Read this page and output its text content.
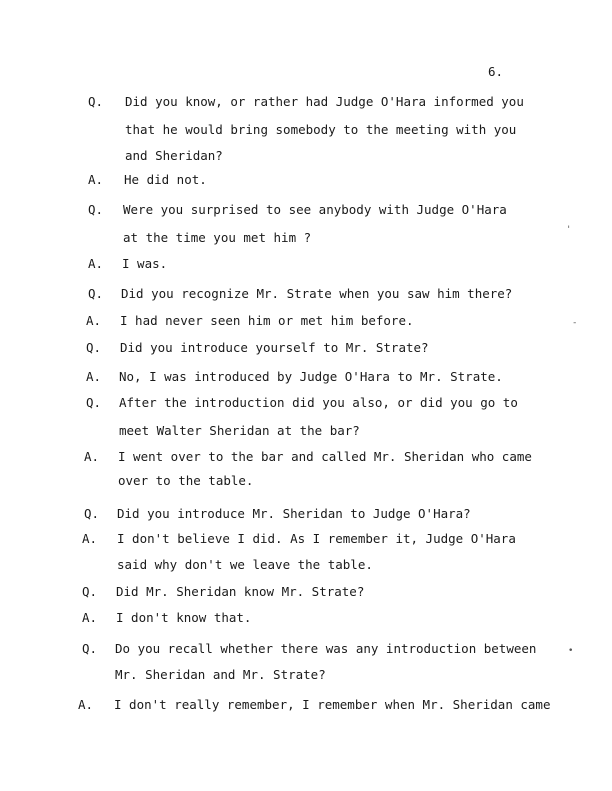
6.
Q. Did you know, or rather had Judge O'Hara informed you
that he would bring somebody to the meeting with you
and Sheridan?
A. He did not.
Q. Were you surprised to see anybody with Judge O'Hara
at the time you met him ?
A. I was.
Q. Did you recognize Mr. Strate when you saw him there?
A. I had never seen him or met him before.
Q. Did you introduce yourself to Mr. Strate?
A. No, I was introduced by Judge O'Hara to Mr. Strate.
Q. After the introduction did you also, or did you go to
meet Walter Sheridan at the bar?
A. I went over to the bar and called Mr. Sheridan who came
over to the table.
Q. Did you introduce Mr. Sheridan to Judge O'Hara?
A. I don't believe I did. As I remember it, Judge O'Hara
said why don't we leave the table.
Q. Did Mr. Sheridan know Mr. Strate?
A. I don't know that.
Q. Do you recall whether there was any introduction between
Mr. Sheridan and Mr. Strate?
A. I don't really remember, I remember when Mr. Sheridan came
'
-
•
